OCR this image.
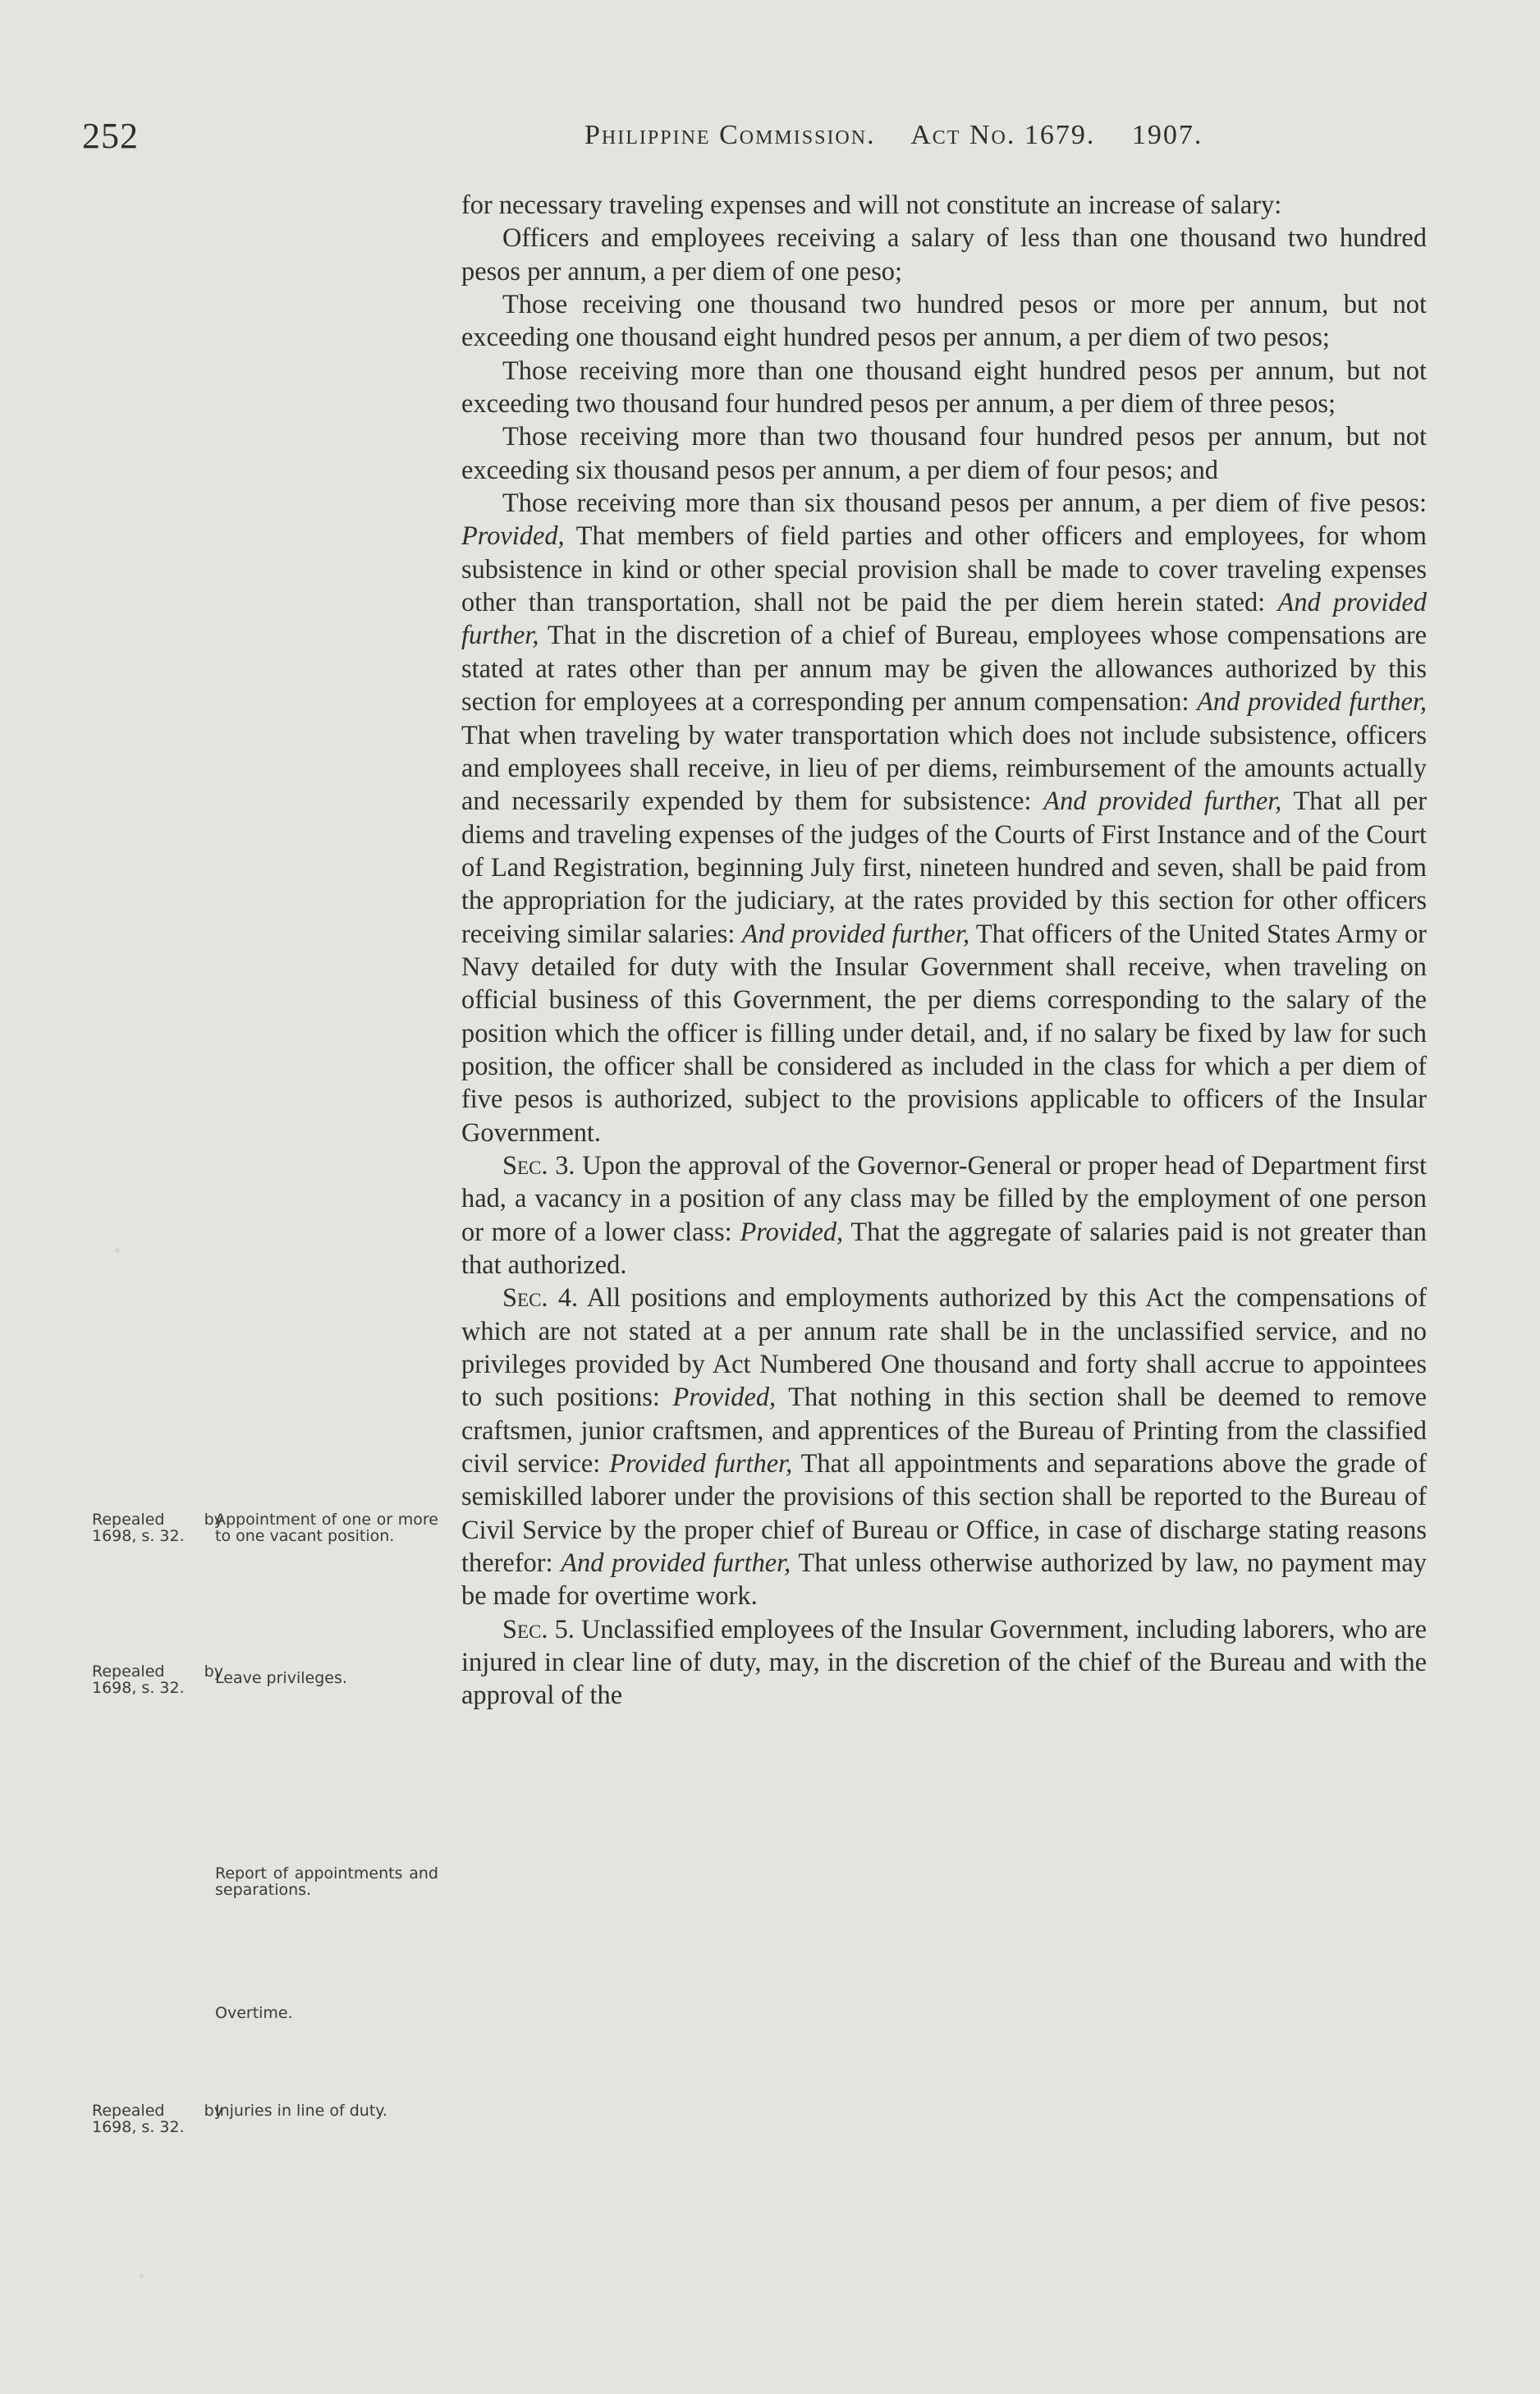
252	Philippine Commission. Act No. 1679. 1907.
Repealed by 1698, s. 32.
Appointment of one or more to one vacant position.
Repealed by 1698, s. 32.
Leave privileges.
Report of appointments and separations.
Overtime.
Repealed by 1698, s. 32.
Injuries in line of duty.

for necessary traveling expenses and will not constitute an increase of salary:

Officers and employees receiving a salary of less than one thousand two hundred pesos per annum, a per diem of one peso;

Those receiving one thousand two hundred pesos or more per annum, but not exceeding one thousand eight hundred pesos per annum, a per diem of two pesos;

Those receiving more than one thousand eight hundred pesos per annum, but not exceeding two thousand four hundred pesos per annum, a per diem of three pesos;

Those receiving more than two thousand four hundred pesos per annum, but not exceeding six thousand pesos per annum, a per diem of four pesos; and

Those receiving more than six thousand pesos per annum, a per diem of five pesos: Provided, That members of field parties and other officers and employees, for whom subsistence in kind or other special provision shall be made to cover traveling expenses other than transportation, shall not be paid the per diem herein stated: And provided further, That in the discretion of a chief of Bureau, employees whose compensations are stated at rates other than per annum may be given the allowances authorized by this section for employees at a corresponding per annum compensation: And provided further, That when traveling by water transportation which does not include subsistence, officers and employees shall receive, in lieu of per diems, reimbursement of the amounts actually and necessarily expended by them for subsistence: And provided further, That all per diems and traveling expenses of the judges of the Courts of First Instance and of the Court of Land Registration, beginning July first, nineteen hundred and seven, shall be paid from the appropriation for the judiciary, at the rates provided by this section for other officers receiving similar salaries: And provided further, That officers of the United States Army or Navy detailed for duty with the Insular Government shall receive, when traveling on official business of this Government, the per diems corresponding to the salary of the position which the officer is filling under detail, and, if no salary be fixed by law for such position, the officer shall be considered as included in the class for which a per diem of five pesos is authorized, subject to the provisions applicable to officers of the Insular Government.

Sec. 3. Upon the approval of the Governor-General or proper head of Department first had, a vacancy in a position of any class may be filled by the employment of one person or more of a lower class: Provided, That the aggregate of salaries paid is not greater than that authorized.

Sec. 4. All positions and employments authorized by this Act the compensations of which are not stated at a per annum rate shall be in the unclassified service, and no privileges provided by Act Numbered One thousand and forty shall accrue to appointees to such positions: Provided, That nothing in this section shall be deemed to remove craftsmen, junior craftsmen, and apprentices of the Bureau of Printing from the classified civil service: Provided further, That all appointments and separations above the grade of semiskilled laborer under the provisions of this section shall be reported to the Bureau of Civil Service by the proper chief of Bureau or Office, in case of discharge stating reasons therefor: And provided further, That unless otherwise authorized by law, no payment may be made for overtime work.

Sec. 5. Unclassified employees of the Insular Government, including laborers, who are injured in clear line of duty, may, in the discretion of the chief of the Bureau and with the approval of the
